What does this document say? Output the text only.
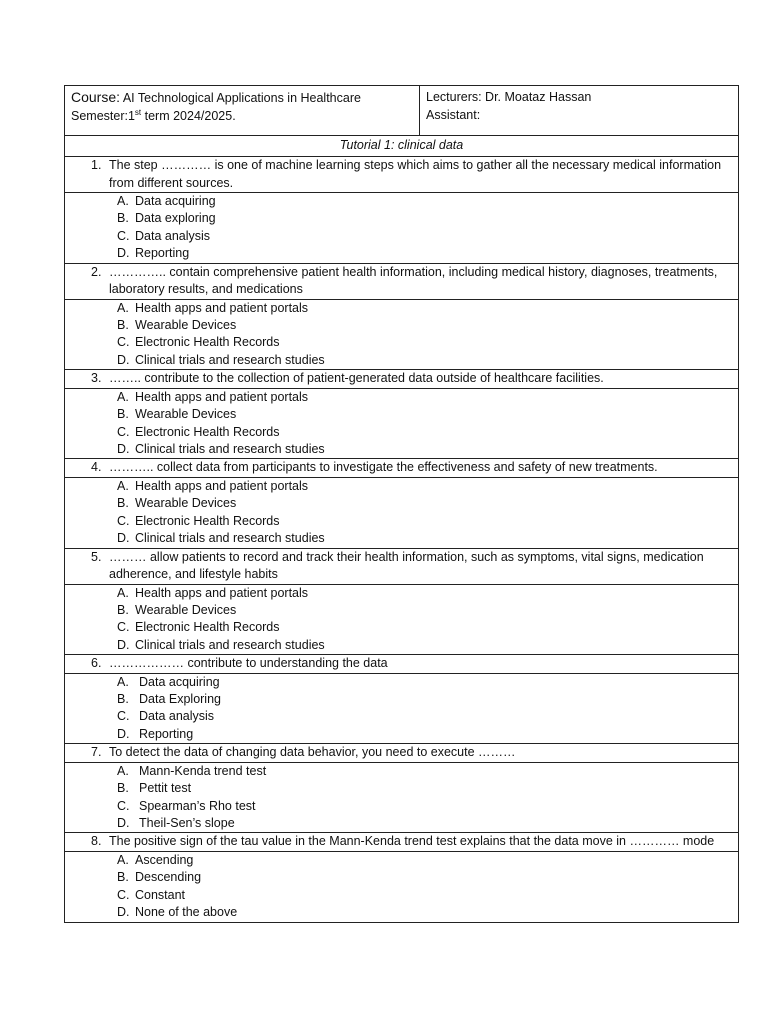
Course: AI Technological Applications in Healthcare
Semester:1st term 2024/2025.
Lecturers: Dr. Moataz Hassan
Assistant:
Tutorial 1: clinical data
1. The step ………… is one of machine learning steps which aims to gather all the necessary medical information from different sources.
A. Data acquiring
B. Data exploring
C. Data analysis
D. Reporting
2. ………….. contain comprehensive patient health information, including medical history, diagnoses, treatments, laboratory results, and medications
A. Health apps and patient portals
B. Wearable Devices
C. Electronic Health Records
D. Clinical trials and research studies
3. …….. contribute to the collection of patient-generated data outside of healthcare facilities.
A. Health apps and patient portals
B. Wearable Devices
C. Electronic Health Records
D. Clinical trials and research studies
4. ……….. collect data from participants to investigate the effectiveness and safety of new treatments.
A. Health apps and patient portals
B. Wearable Devices
C. Electronic Health Records
D. Clinical trials and research studies
5. ……… allow patients to record and track their health information, such as symptoms, vital signs, medication adherence, and lifestyle habits
A. Health apps and patient portals
B. Wearable Devices
C. Electronic Health Records
D. Clinical trials and research studies
6. ……………… contribute to understanding the data
A. Data acquiring
B. Data Exploring
C. Data analysis
D. Reporting
7. To detect the data of changing data behavior, you need to execute ………
A. Mann-Kenda trend test
B. Pettit test
C. Spearman’s Rho test
D. Theil-Sen’s slope
8. The positive sign of the tau value in the Mann-Kenda trend test explains that the data move in ………… mode
A. Ascending
B. Descending
C. Constant
D. None of the above
